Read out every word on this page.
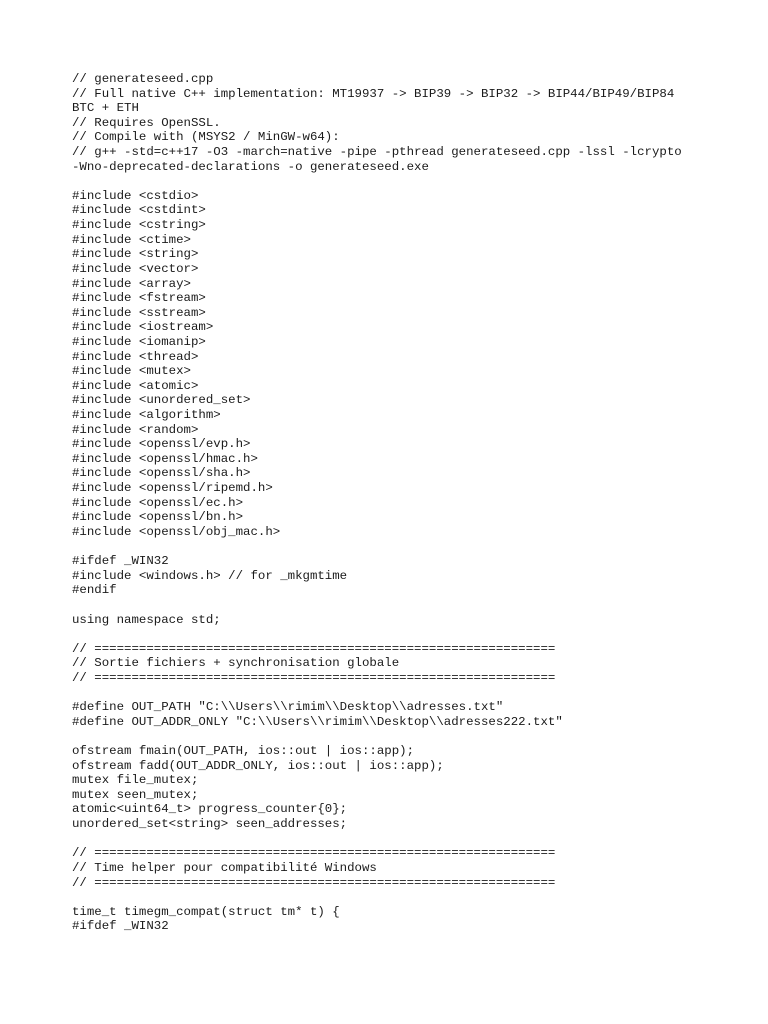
// generateseed.cpp
// Full native C++ implementation: MT19937 -> BIP39 -> BIP32 -> BIP44/BIP49/BIP84
BTC + ETH
// Requires OpenSSL.
// Compile with (MSYS2 / MinGW-w64):
// g++ -std=c++17 -O3 -march=native -pipe -pthread generateseed.cpp -lssl -lcrypto
-Wno-deprecated-declarations -o generateseed.exe
#include <cstdio>
#include <cstdint>
#include <cstring>
#include <ctime>
#include <string>
#include <vector>
#include <array>
#include <fstream>
#include <sstream>
#include <iostream>
#include <iomanip>
#include <thread>
#include <mutex>
#include <atomic>
#include <unordered_set>
#include <algorithm>
#include <random>
#include <openssl/evp.h>
#include <openssl/hmac.h>
#include <openssl/sha.h>
#include <openssl/ripemd.h>
#include <openssl/ec.h>
#include <openssl/bn.h>
#include <openssl/obj_mac.h>
#ifdef _WIN32
#include <windows.h> // for _mkgmtime
#endif
using namespace std;
// ==============================================================
// Sortie fichiers + synchronisation globale
// ==============================================================
#define OUT_PATH "C:\\Users\\rimim\\Desktop\\adresses.txt"
#define OUT_ADDR_ONLY "C:\\Users\\rimim\\Desktop\\adresses222.txt"
ofstream fmain(OUT_PATH, ios::out | ios::app);
ofstream fadd(OUT_ADDR_ONLY, ios::out | ios::app);
mutex file_mutex;
mutex seen_mutex;
atomic<uint64_t> progress_counter{0};
unordered_set<string> seen_addresses;
// ==============================================================
// Time helper pour compatibilité Windows
// ==============================================================
time_t timegm_compat(struct tm* t) {
#ifdef _WIN32
